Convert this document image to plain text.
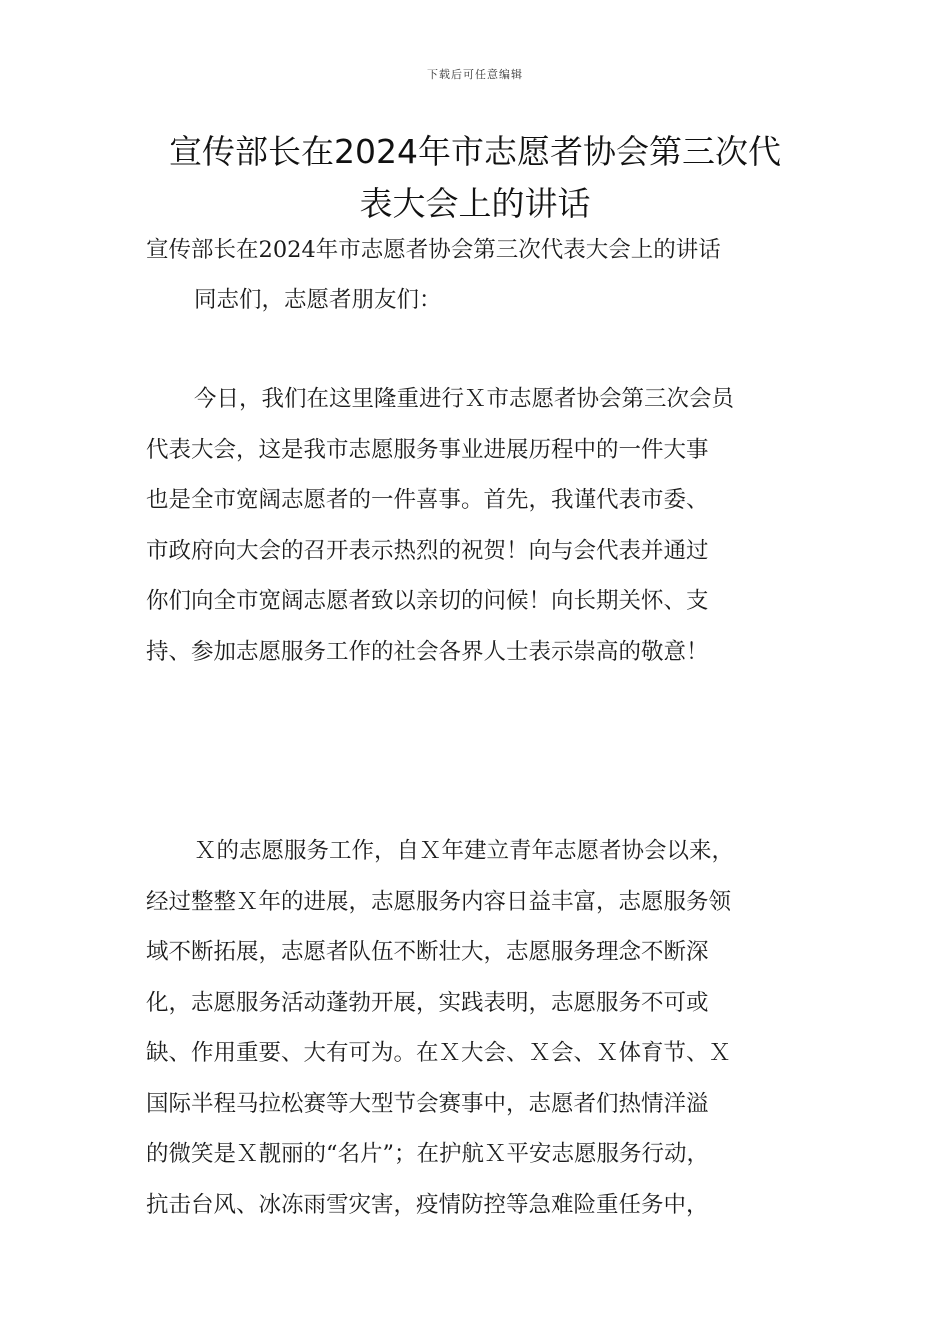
下载后可任意编辑
宣传部长在2024年市志愿者协会第三次代
表大会上的讲话
宣传部长在2024年市志愿者协会第三次代表大会上的讲话
同志们，志愿者朋友们：

今日，我们在这里隆重进行Ｘ市志愿者协会第三次会员
代表大会，这是我市志愿服务事业进展历程中的一件大事
也是全市宽阔志愿者的一件喜事。首先，我谨代表市委、
市政府向大会的召开表示热烈的祝贺！向与会代表并通过
你们向全市宽阔志愿者致以亲切的问候！向长期关怀、支
持、参加志愿服务工作的社会各界人士表示崇高的敬意！

Ｘ的志愿服务工作，自Ｘ年建立青年志愿者协会以来，
经过整整Ｘ年的进展，志愿服务内容日益丰富，志愿服务领
域不断拓展，志愿者队伍不断壮大，志愿服务理念不断深
化，志愿服务活动蓬勃开展，实践表明，志愿服务不可或
缺、作用重要、大有可为。在Ｘ大会、Ｘ会、Ｘ体育节、Ｘ
国际半程马拉松赛等大型节会赛事中，志愿者们热情洋溢
的微笑是Ｘ靓丽的“名片”；在护航Ｘ平安志愿服务行动，
抗击台风、冰冻雨雪灾害，疫情防控等急难险重任务中，
